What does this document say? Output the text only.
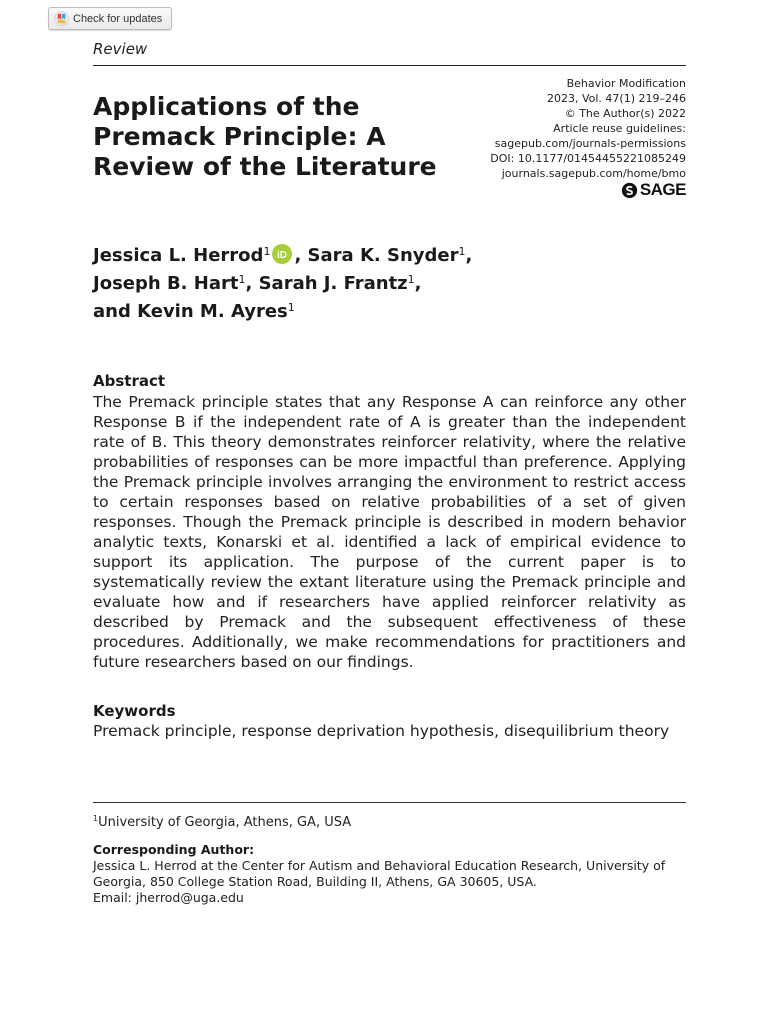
Check for updates
Review
Behavior Modification
2023, Vol. 47(1) 219–246
© The Author(s) 2022
Article reuse guidelines:
sagepub.com/journals-permissions
DOI: 10.1177/01454455221085249
journals.sagepub.com/home/bmo
SAGE
Applications of the Premack Principle: A Review of the Literature
Jessica L. Herrod$^1$ iD , Sara K. Snyder$^1$,
Joseph B. Hart$^1$, Sarah J. Frantz$^1$,
and Kevin M. Ayres$^1$
Abstract

The Premack principle states that any Response A can reinforce any other Response B if the independent rate of A is greater than the independent rate of B. This theory demonstrates reinforcer relativity, where the relative probabilities of responses can be more impactful than preference. Applying the Premack principle involves arranging the environment to restrict access to certain responses based on relative probabilities of a set of given responses. Though the Premack principle is described in modern behavior analytic texts, Konarski et al. identified a lack of empirical evidence to support its application. The purpose of the current paper is to systematically review the extant literature using the Premack principle and evaluate how and if researchers have applied reinforcer relativity as described by Premack and the subsequent effectiveness of these procedures. Additionally, we make recommendations for practitioners and future researchers based on our findings.

Keywords
Premack principle, response deprivation hypothesis, disequilibrium theory
$^1$University of Georgia, Athens, GA, USA
Corresponding Author:
Jessica L. Herrod at the Center for Autism and Behavioral Education Research, University of Georgia, 850 College Station Road, Building II, Athens, GA 30605, USA.
Email: jherrod@uga.edu
